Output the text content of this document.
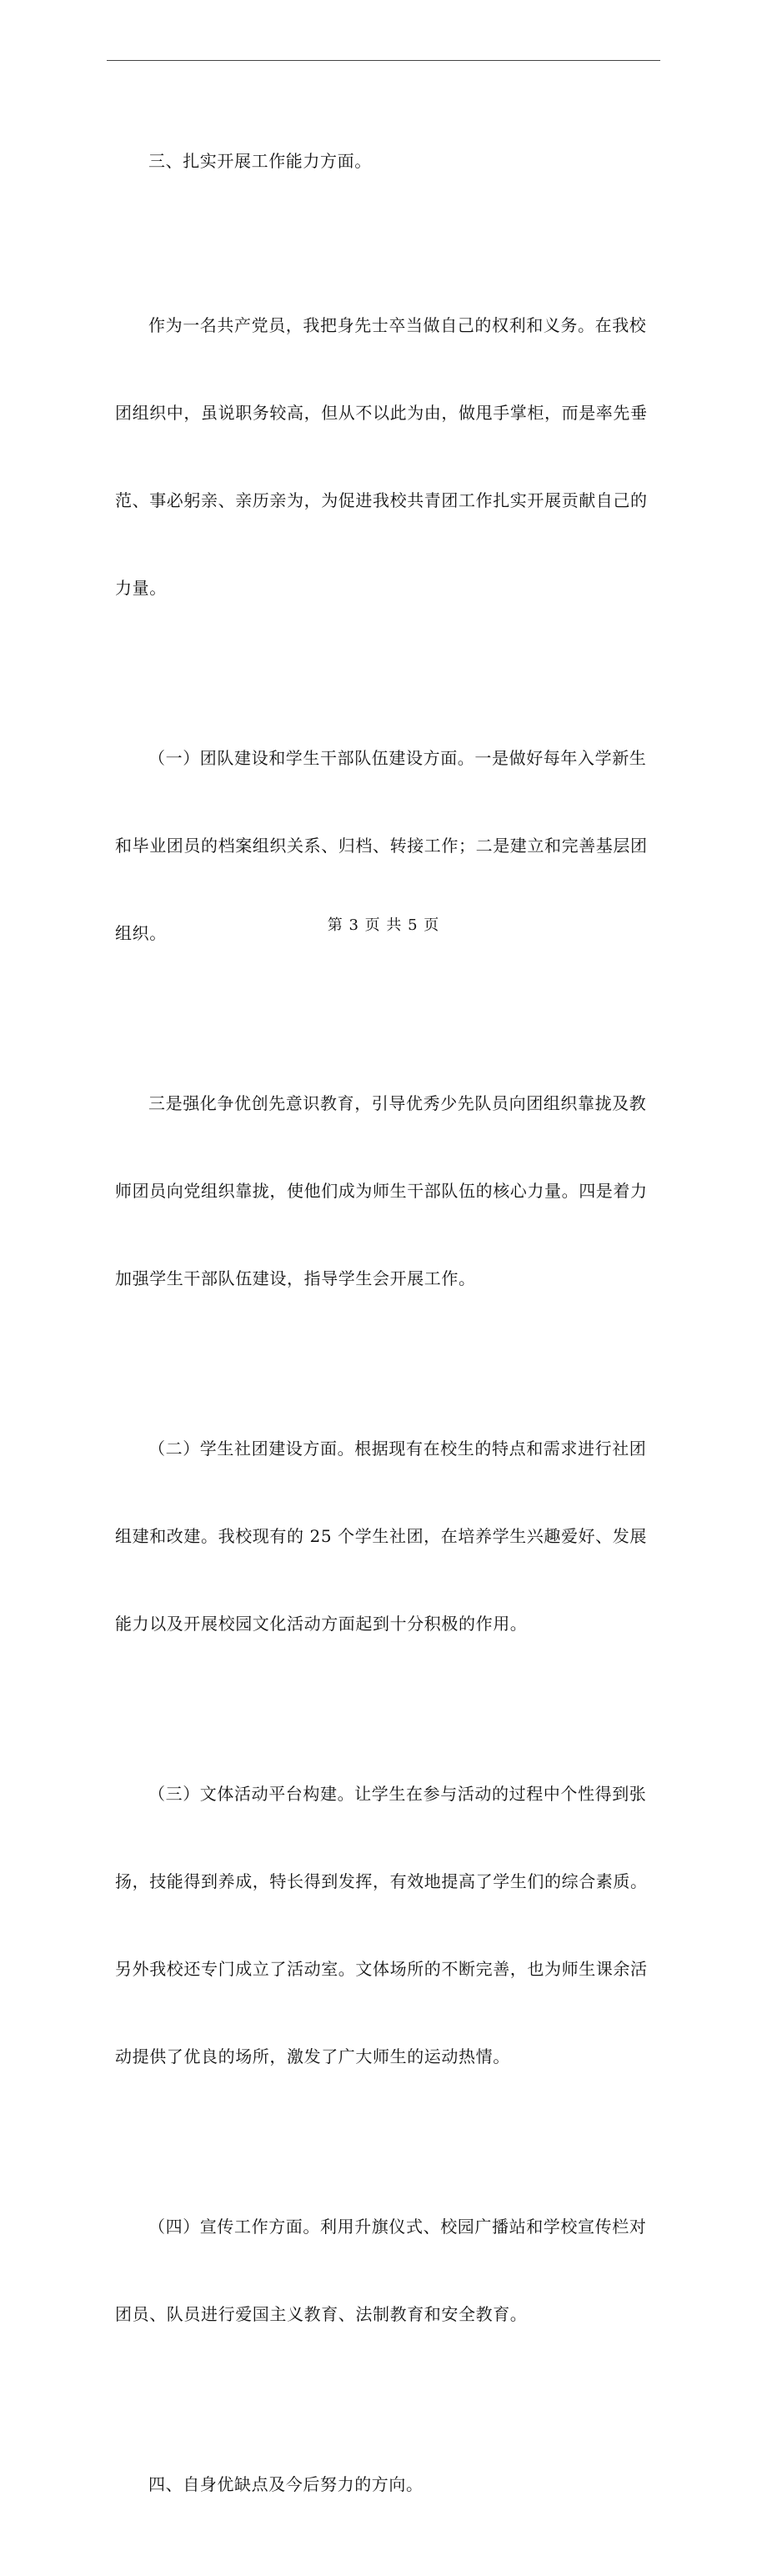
三、扎实开展工作能力方面。

作为一名共产党员，我把身先士卒当做自己的权利和义务。在我校

团组织中，虽说职务较高，但从不以此为由，做甩手掌柜，而是率先垂

范、事必躬亲、亲历亲为，为促进我校共青团工作扎实开展贡献自己的

力量。

（一）团队建设和学生干部队伍建设方面。一是做好每年入学新生

和毕业团员的档案组织关系、归档、转接工作；二是建立和完善基层团

组织。

三是强化争优创先意识教育，引导优秀少先队员向团组织靠拢及教

师团员向党组织靠拢，使他们成为师生干部队伍的核心力量。四是着力

加强学生干部队伍建设，指导学生会开展工作。

（二）学生社团建设方面。根据现有在校生的特点和需求进行社团

组建和改建。我校现有的 25 个学生社团，在培养学生兴趣爱好、发展

能力以及开展校园文化活动方面起到十分积极的作用。

（三）文体活动平台构建。让学生在参与活动的过程中个性得到张

扬，技能得到养成，特长得到发挥，有效地提高了学生们的综合素质。

另外我校还专门成立了活动室。文体场所的不断完善，也为师生课余活

动提供了优良的场所，激发了广大师生的运动热情。

（四）宣传工作方面。利用升旗仪式、校园广播站和学校宣传栏对

团员、队员进行爱国主义教育、法制教育和安全教育。

四、自身优缺点及今后努力的方向。

第 3 页 共 5 页
